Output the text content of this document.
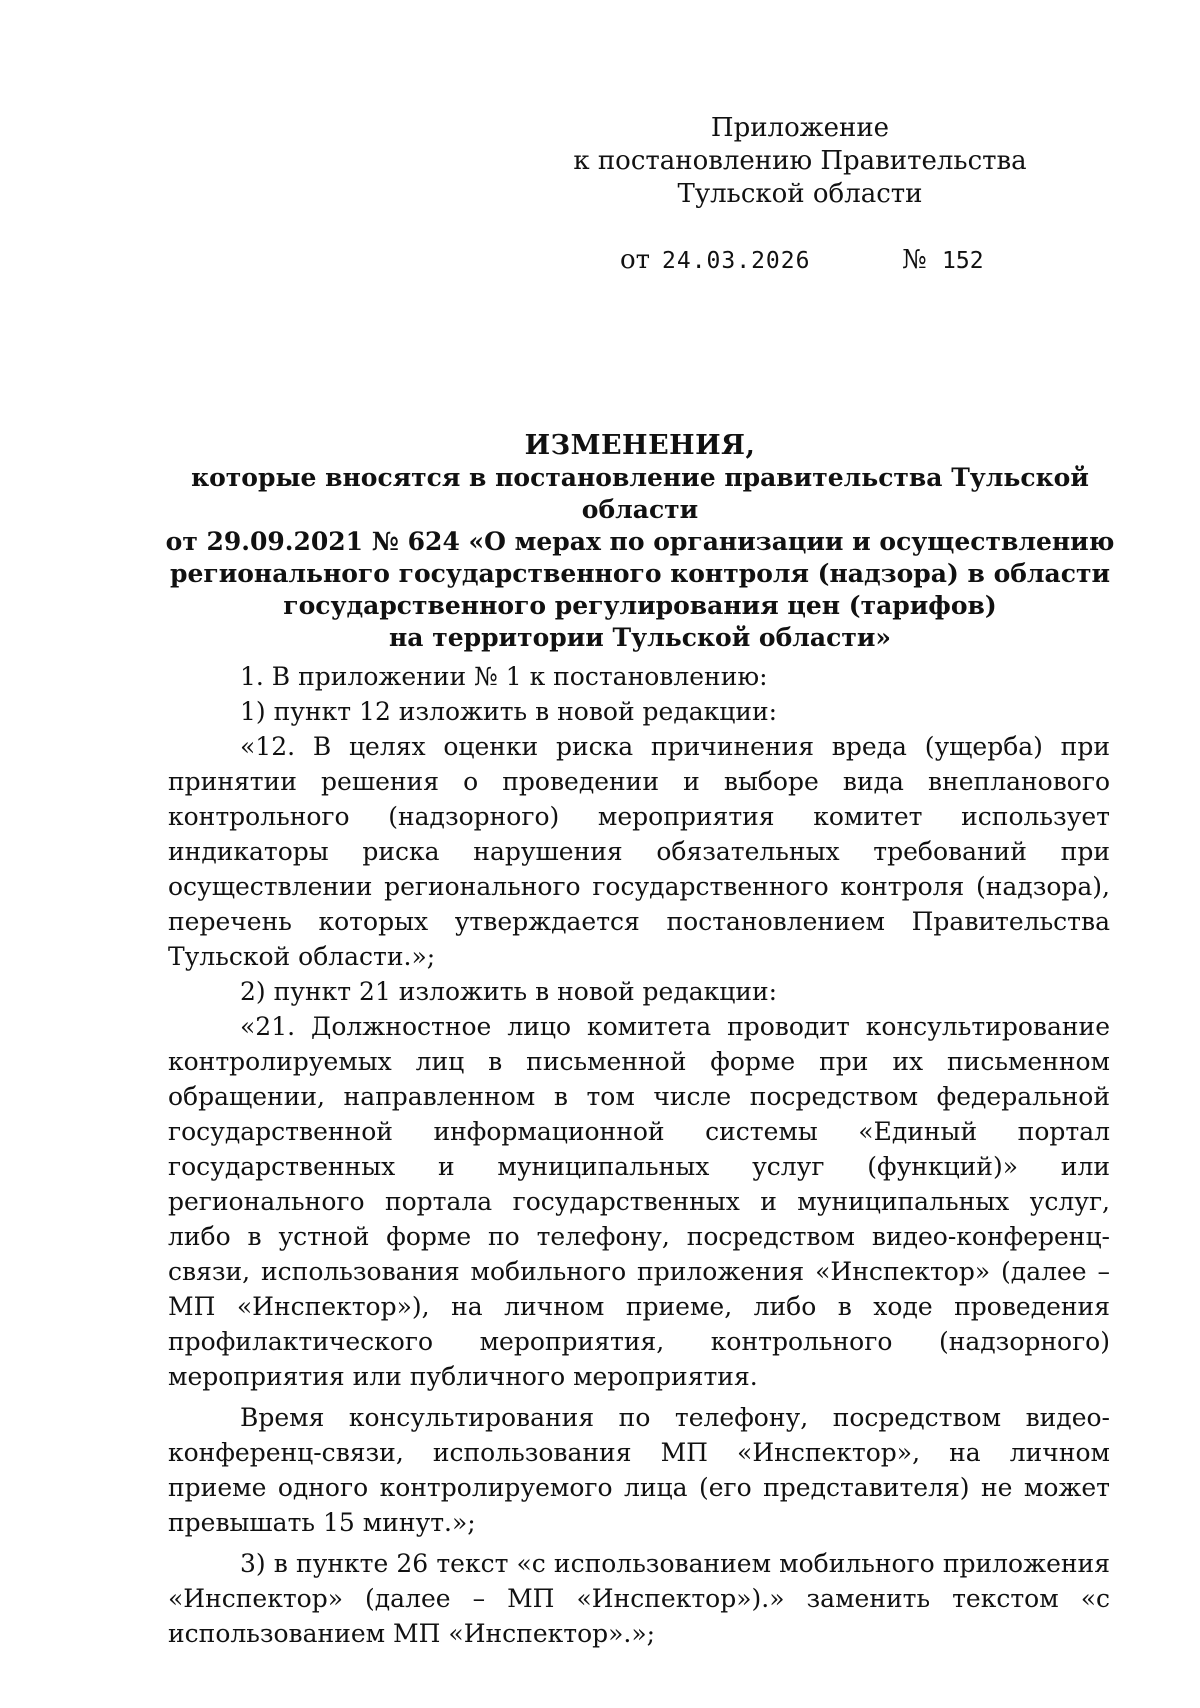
Приложение
к постановлению Правительства
Тульской области
от 24.03.2026	№ 152
ИЗМЕНЕНИЯ,
которые вносятся в постановление правительства Тульской области
от 29.09.2021 № 624 «О мерах по организации и осуществлению
регионального государственного контроля (надзора) в области
государственного регулирования цен (тарифов)
на территории Тульской области»

1. В приложении № 1 к постановлению:

1) пункт 12 изложить в новой редакции:

«12. В целях оценки риска причинения вреда (ущерба) при принятии решения о проведении и выборе вида внепланового контрольного (надзорного) мероприятия комитет использует индикаторы риска нарушения обязательных требований при осуществлении регионального государственного контроля (надзора), перечень которых утверждается постановлением Правительства Тульской области.»;

2) пункт 21 изложить в новой редакции:

«21. Должностное лицо комитета проводит консультирование контролируемых лиц в письменной форме при их письменном обращении, направленном в том числе посредством федеральной государственной информационной системы «Единый портал государственных и муниципальных услуг (функций)» или регионального портала государственных и муниципальных услуг, либо в устной форме по телефону, посредством видео-конференц-связи, использования мобильного приложения «Инспектор» (далее – МП «Инспектор»), на личном приеме, либо в ходе проведения профилактического мероприятия, контрольного (надзорного) мероприятия или публичного мероприятия.

Время консультирования по телефону, посредством видео-конференц-связи, использования МП «Инспектор», на личном приеме одного контролируемого лица (его представителя) не может превышать 15 минут.»;

3) в пункте 26 текст «с использованием мобильного приложения «Инспектор» (далее – МП «Инспектор»).» заменить текстом «с использованием МП «Инспектор».»;
